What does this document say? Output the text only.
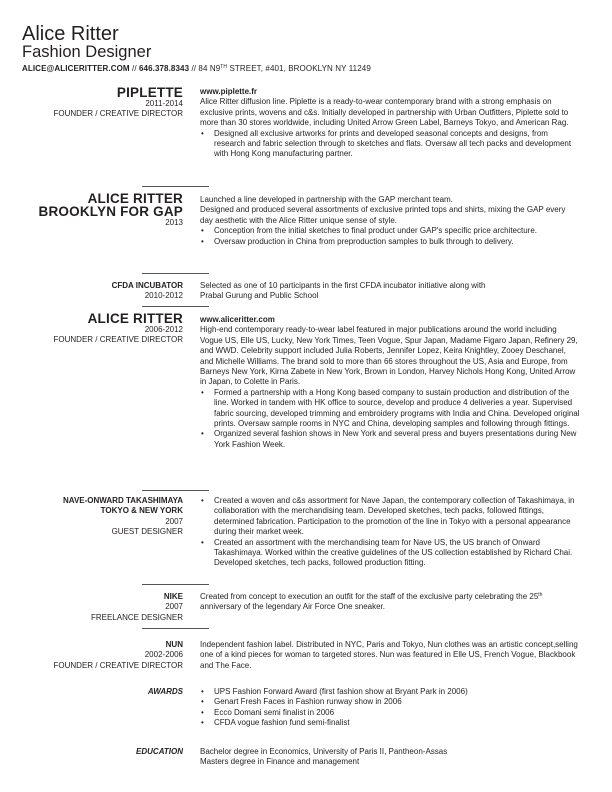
Alice Ritter
Fashion Designer
ALICE@ALICERITTER.COM // 646.378.8343 // 84 N9TH STREET, #401, BROOKLYN NY 11249
PIPLETTE
2011-2014
FOUNDER / CREATIVE DIRECTOR
www.piplette.fr

Alice Ritter diffusion line. Piplette is a ready-to-wear contemporary brand with a strong emphasis on exclusive prints, wovens and c&s. Initially developed in partnership with Urban Outfitters, Piplette sold to more than 30 stores worldwide, including United Arrow Green Label, Barneys Tokyo, and American Rag.

• Designed all exclusive artworks for prints and developed seasonal concepts and designs, from research and fabric selection through to sketches and flats. Oversaw all tech packs and development with Hong Kong manufacturing partner.
ALICE RITTER
BROOKLYN FOR GAP
2013

Launched a line developed in partnership with the GAP merchant team.

Designed and produced several assortments of exclusive printed tops and shirts, mixing the GAP every day aesthetic with the Alice Ritter unique sense of style.

• Conception from the initial sketches to final product under GAP's specific price architecture.
• Oversaw production in China from preproduction samples to bulk through to delivery.
CFDA INCUBATOR
2010-2012

Selected as one of 10 participants in the first CFDA incubator initiative along with Prabal Gurung and Public School

ALICE RITTER
2006-2012
FOUNDER / CREATIVE DIRECTOR
www.aliceritter.com

High-end contemporary ready-to-wear label featured in major publications around the world including Vogue US, Elle US, Lucky, New York Times, Teen Vogue, Spur Japan, Madame Figaro Japan, Refinery 29, and WWD. Celebrity support included Julia Roberts, Jennifer Lopez, Keira Knightley, Zooey Deschanel, and Michelle Williams. The brand sold to more than 66 stores throughout the US, Asia and Europe, from Barneys New York, Kirna Zabete in New York, Brown in London, Harvey Nichols Hong Kong, United Arrow in Japan, to Colette in Paris.

• Formed a partnership with a Hong Kong based company to sustain production and distribution of the line. Worked in tandem with HK office to source, develop and produce 4 deliveries a year. Supervised fabric sourcing, developed trimming and embroidery programs with India and China. Developed original prints. Oversaw sample rooms in NYC and China, developing samples and following through fittings.
• Organized several fashion shows in New York and several press and buyers presentations during New York Fashion Week.
NAVE-ONWARD TAKASHIMAYA
TOKYO & NEW YORK
2007
GUEST DESIGNER
• Created a woven and c&s assortment for Nave Japan, the contemporary collection of Takashimaya, in collaboration with the merchandising team. Developed sketches, tech packs, followed fittings, determined fabrication. Participation to the promotion of the line in Tokyo with a personal appearance during their market week.
• Created an assortment with the merchandising team for Nave US, the US branch of Onward Takashimaya. Worked within the creative guidelines of the US collection established by Richard Chai. Developed sketches, tech packs, followed production fitting.
NIKE
2007
FREELANCE DESIGNER

Created from concept to execution an outfit for the staff of the exclusive party celebrating the 25th anniversary of the legendary Air Force One sneaker.

NUN
2002-2006
FOUNDER / CREATIVE DIRECTOR

Independent fashion label. Distributed in NYC, Paris and Tokyo, Nun clothes was an artistic concept,selling one of a kind pieces for woman to targeted stores. Nun was featured in Elle US, French Vogue, Blackbook and The Face.

AWARDS
•	UPS Fashion Forward Award (first fashion show at Bryant Park in 2006)
• Genart Fresh Faces in Fashion runway show in 2006
• Ecco Domani semi finalist in 2006
• CFDA vogue fashion fund semi-finalist
EDUCATION Bachelor degree in Economics, University of Paris II, Pantheon-Assas

Masters degree in Finance and management
